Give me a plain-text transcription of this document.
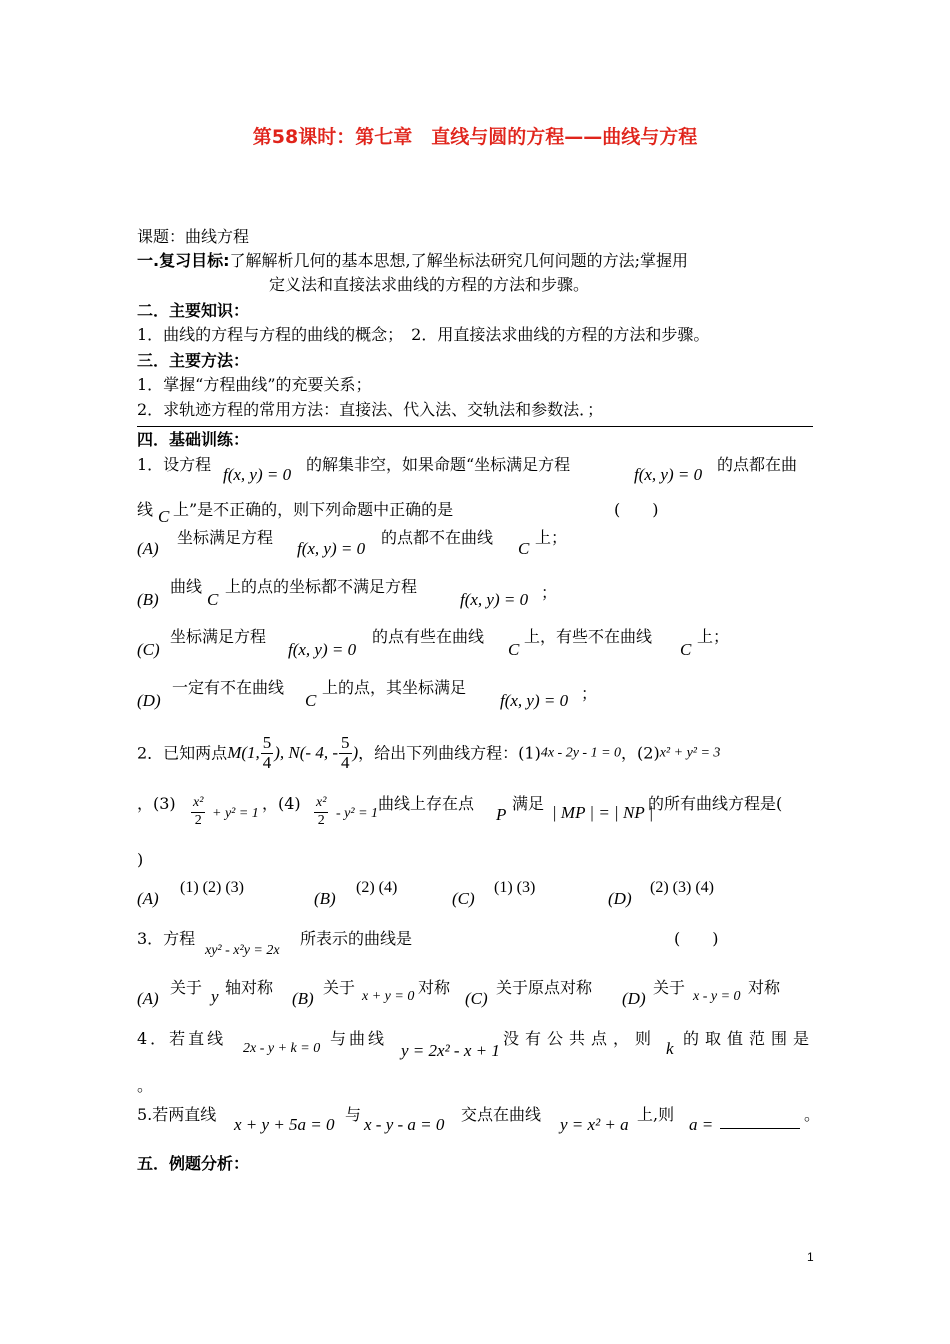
第58课时：第七章　直线与圆的方程——曲线与方程
课题：曲线方程
一.复习目标:了解解析几何的基本思想,了解坐标法研究几何问题的方法;掌握用
定义法和直接法求曲线的方程的方法和步骤。
二．主要知识：
1．曲线的方程与方程的曲线的概念；　2．用直接法求曲线的方程的方法和步骤。
三．主要方法：
1．掌握“方程曲线”的充要关系；
2．求轨迹方程的常用方法：直接法、代入法、交轨法和参数法．；
四．基础训练：
1．设方程
f(x, y) = 0
的解集非空，如果命题“坐标满足方程
f(x, y) = 0
的点都在曲
线 C 上”是不正确的，则下列命题中正确的是	(　　)
(A)
坐标满足方程
f(x, y) = 0
的点都不在曲线
C
上；
(B)
曲线
C
上的点的坐标都不满足方程
f(x, y) = 0 ；
(C)
坐标满足方程
f(x, y) = 0
的点有些在曲线
C
上，有些不在曲线
C
上；
(D)
一定有不在曲线
C
上的点，其坐标满足
f(x, y) = 0 ；
2．已知两点M(1, $\frac{5}{4}$ ), N(- 4, - $\frac{5}{4}$ )，给出下列曲线方程：(1)4x - 2y - 1 = 0，(2)x² + y² = 3
，$(3) \frac{\text{x²}}{2} + y^2 = 1$
，$(4) \frac{\text{x²}}{2} - y^2 = 1$
曲线上存在点
P
满足 | MP | = | NP |
的所有曲线方程是(
)
(A)
(1) (2) (3)
(B)
(2) (4)
(C)
(1) (3)
(D)
(2) (3) (4)
3．方程
xy² - x²y = 2x
所表示的曲线是	(　　)
(A)
关于 y 轴对称
(B)
关于 x + y = 0 对称
(C)
关于原点对称
(D)
关于 x - y = 0 对称
4．若直线
2x - y + k = 0
与曲线
y = 2x² - x + 1
没有公共点，则
k
的取值范围是
。
5.若两直线
x + y + 5a = 0
与
x - y - a = 0
交点在曲线
y = x² + a
上,则
a =
。
五．例题分析：
1
